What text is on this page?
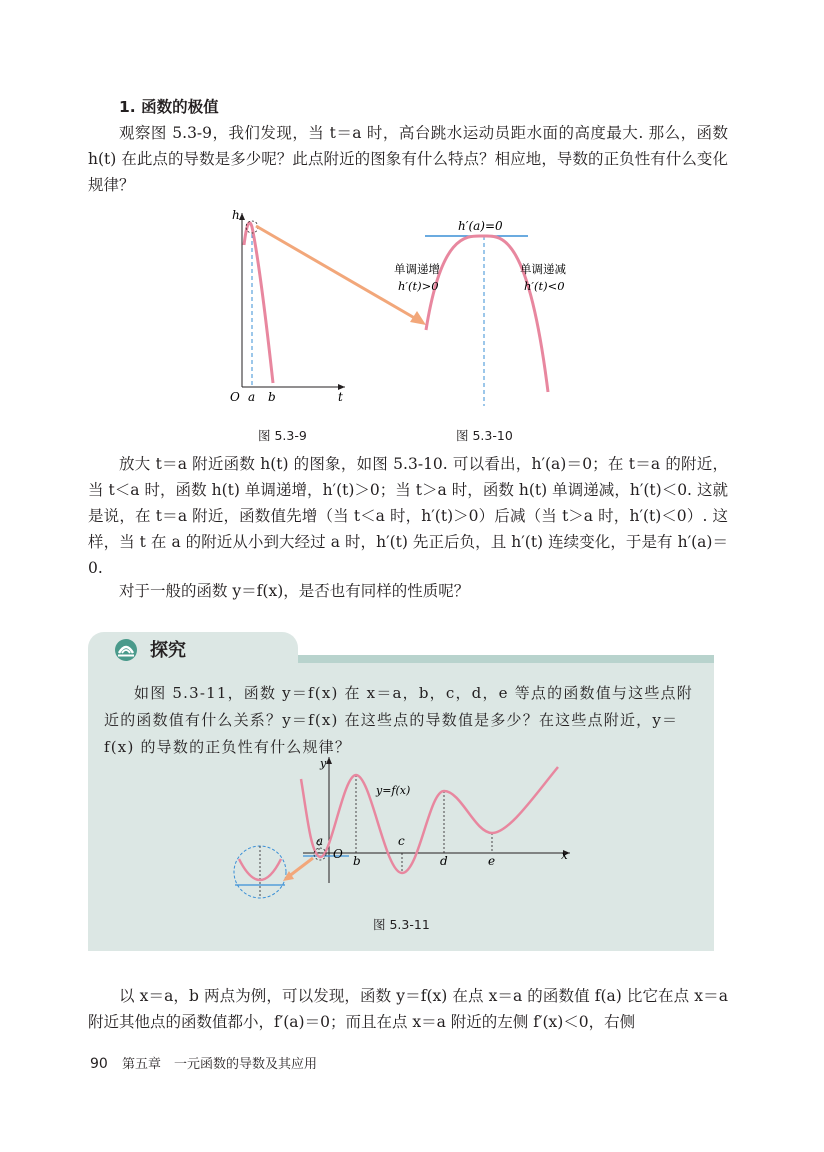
1. 函数的极值

观察图 5.3-9，我们发现，当 t＝a 时，高台跳水运动员距水面的高度最大. 那么，函数 h(t) 在此点的导数是多少呢？此点附近的图象有什么特点？相应地，导数的正负性有什么变化规律？

h
t
O a b
h′(a)=0
单调递增
h′(t)>0
单调递减
h′(t)<0
图 5.3-9	图 5.3-10

放大 t＝a 附近函数 h(t) 的图象，如图 5.3-10. 可以看出，h′(a)＝0；在 t＝a 的附近，当 t＜a 时，函数 h(t) 单调递增，h′(t)＞0；当 t＞a 时，函数 h(t) 单调递减，h′(t)＜0. 这就是说，在 t＝a 附近，函数值先增（当 t＜a 时，h′(t)＞0）后减（当 t＞a 时，h′(t)＜0）. 这样，当 t 在 a 的附近从小到大经过 a 时，h′(t) 先正后负，且 h′(t) 连续变化，于是有 h′(a)＝0.

对于一般的函数 y＝f(x)，是否也有同样的性质呢？

探究

如图 5.3-11，函数 y＝f(x) 在 x＝a，b，c，d，e 等点的函数值与这些点附近的函数值有什么关系？y＝f(x) 在这些点的导数值是多少？在这些点附近，y＝f(x) 的导数的正负性有什么规律？

y
x
O
y=f(x)
a
b
c
d	e
图 5.3-11

以 x＝a，b 两点为例，可以发现，函数 y＝f(x) 在点 x＝a 的函数值 f(a) 比它在点 x＝a 附近其他点的函数值都小，f′(a)＝0；而且在点 x＝a 附近的左侧 f′(x)＜0，右侧

90 第五章　一元函数的导数及其应用
